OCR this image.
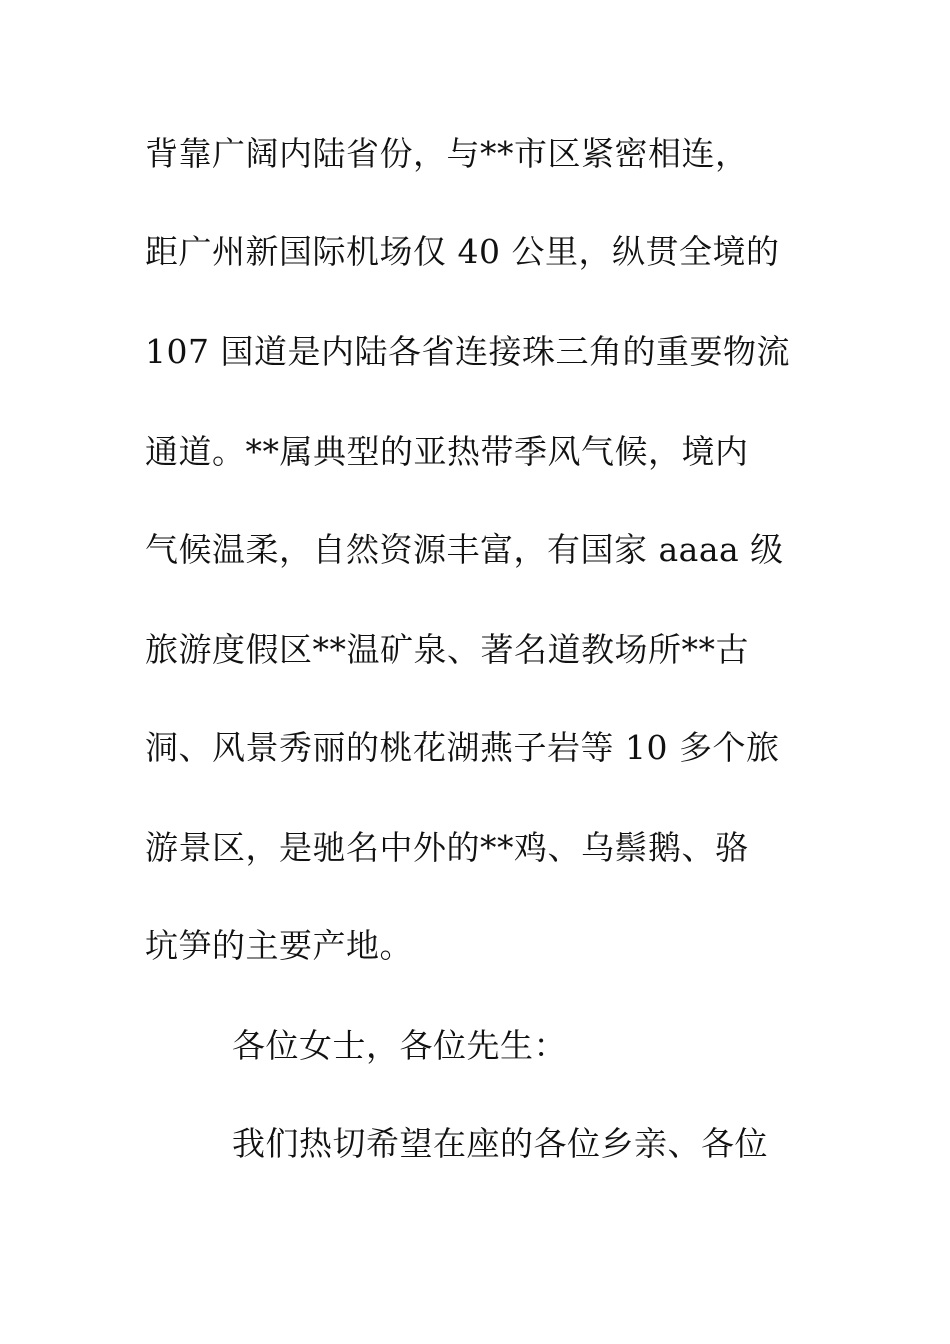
背靠广阔内陆省份，与**市区紧密相连，
距广州新国际机场仅 40 公里，纵贯全境的
107 国道是内陆各省连接珠三角的重要物流
通道。**属典型的亚热带季风气候，境内
气候温柔，自然资源丰富，有国家 aaaa 级
旅游度假区**温矿泉、著名道教场所**古
洞、风景秀丽的桃花湖燕子岩等 10 多个旅
游景区，是驰名中外的**鸡、乌鬃鹅、骆
坑笋的主要产地。
各位女士，各位先生：
我们热切希望在座的各位乡亲、各位
